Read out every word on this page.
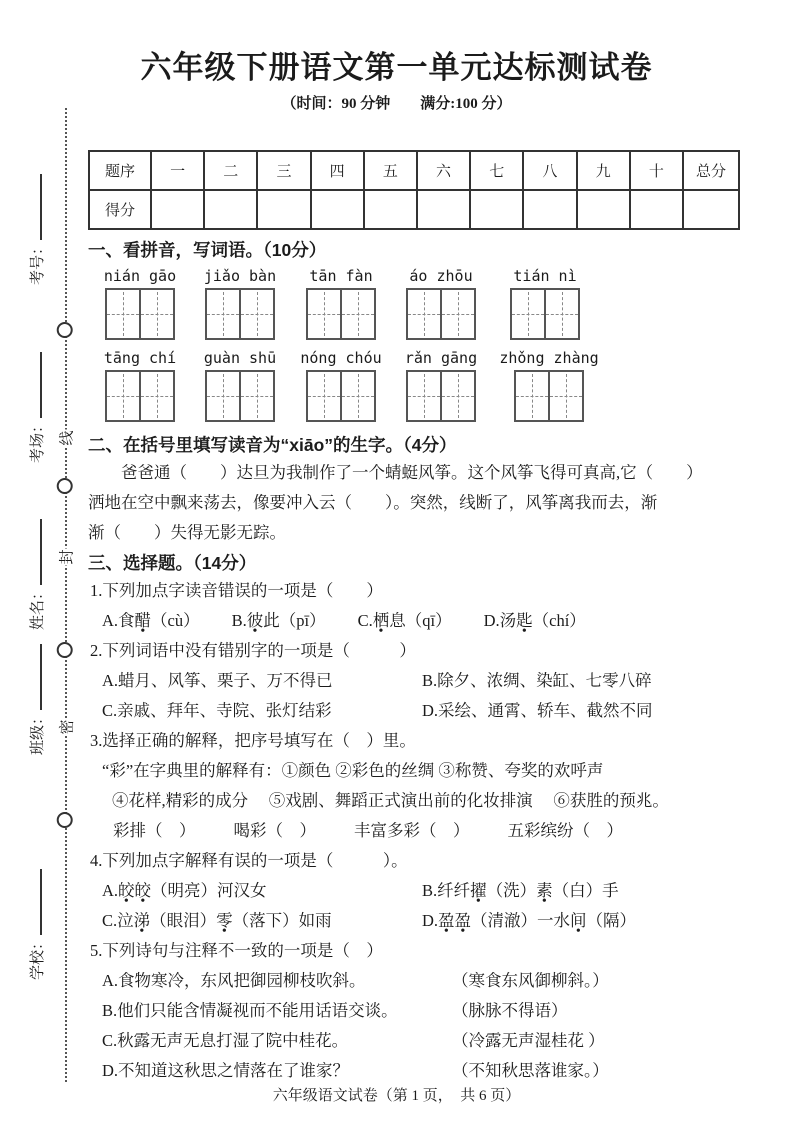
六年级下册语文第一单元达标测试卷
（时间：90 分钟　　满分:100 分）
线
封
密
考号：
考场：
姓名：
班级：
学校：
题序	一	二	三	四	五	六	七	八	九	十	总分
得分											
一、看拼音，写词语。（10分）
nián gāo	jiǎo bàn	tān fàn	áo zhōu	tián nì
tāng chí	guàn shū	nóng chóu	rǎn gāng	zhǒng zhàng
二、在括号里填写读音为“xiāo”的生字。（4分）
爸爸通（　　）达旦为我制作了一个蜻蜓风筝。这个风筝飞得可真高,它（　　）
洒地在空中飘来荡去，像要冲入云（　　）。突然，线断了，风筝离我而去，渐
渐（　　）失得无影无踪。
三、选择题。（14分）
1.下列加点字读音错误的一项是（　　）
A.食醋（cù） B.彼此（pī） C.栖息（qī） D.汤匙（chí）
2.下列词语中没有错别字的一项是（　　　）
A.蜡月、风筝、栗子、万不得已	B.除夕、浓绸、染缸、七零八碎
C.亲戚、拜年、寺院、张灯结彩	D.采绘、通霄、轿车、截然不同
3.选择正确的解释，把序号填写在（　）里。
“彩”在字典里的解释有：①颜色 ②彩色的丝绸 ③称赞、夸奖的欢呼声
④花样,精彩的成分　 ⑤戏剧、舞蹈正式演出前的化妆排演　 ⑥获胜的预兆。
彩排（　） 喝彩（　） 丰富多彩（　） 五彩缤纷（　）
4.下列加点字解释有误的一项是（　　　）。
A.皎皎（明亮）河汉女	B.纤纤擢（洗）素（白）手
C.泣涕（眼泪）零（落下）如雨	D.盈盈（清澈）一水间（隔）
5.下列诗句与注释不一致的一项是（　）
A.食物寒冷，东风把御园柳枝吹斜。	（寒食东风御柳斜。）
B.他们只能含情凝视而不能用话语交谈。	（脉脉不得语）
C.秋露无声无息打湿了院中桂花。	（冷露无声湿桂花 ）
D.不知道这秋思之情落在了谁家？	（不知秋思落谁家。）
六年级语文试卷（第 1 页，　共 6 页）
